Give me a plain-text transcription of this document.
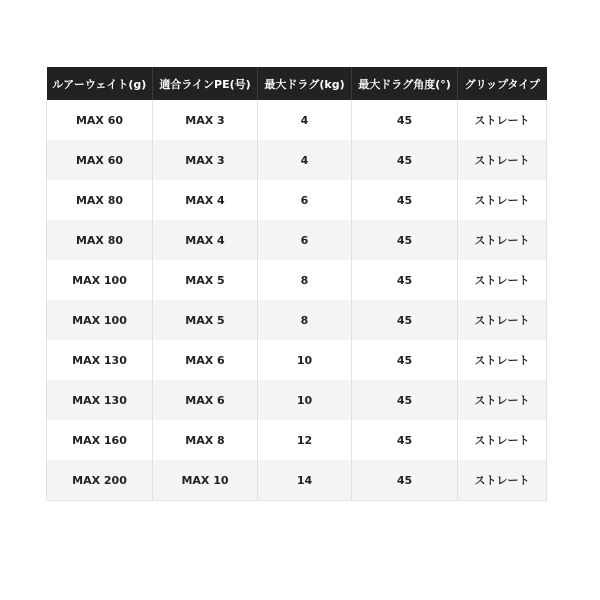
ルアーウェイト(g)	適合ラインPE(号)	最大ドラグ(kg)	最大ドラグ角度(°)	グリップタイプ
MAX 60	MAX 3	4	45	ストレート
MAX 60	MAX 3	4	45	ストレート
MAX 80	MAX 4	6	45	ストレート
MAX 80	MAX 4	6	45	ストレート
MAX 100	MAX 5	8	45	ストレート
MAX 100	MAX 5	8	45	ストレート
MAX 130	MAX 6	10	45	ストレート
MAX 130	MAX 6	10	45	ストレート
MAX 160	MAX 8	12	45	ストレート
MAX 200	MAX 10	14	45	ストレート
